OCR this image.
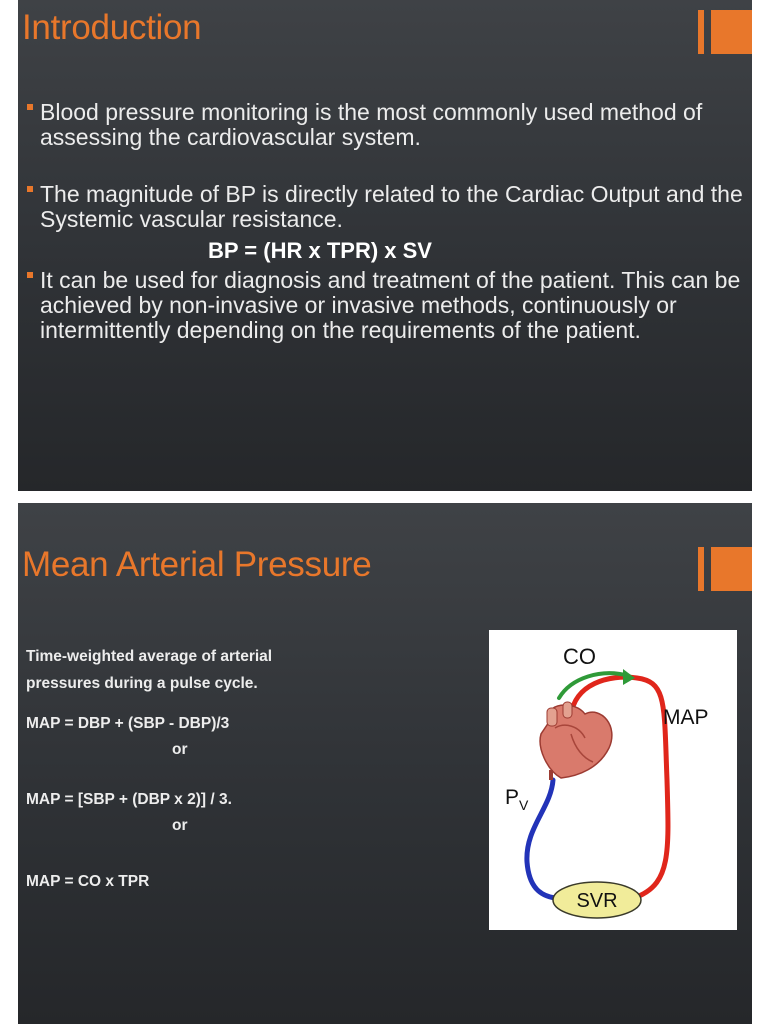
Introduction
Blood pressure monitoring is the most commonly used method of assessing the cardiovascular system.
The magnitude of BP is directly related to the Cardiac Output and the Systemic vascular resistance.
BP = (HR x TPR) x SV
It can be used for diagnosis and treatment of the patient. This can be achieved by non-invasive or invasive methods, continuously or intermittently depending on the requirements of the patient.
Mean Arterial Pressure
Time-weighted average of arterial
pressures during a pulse cycle.
MAP = DBP + (SBP - DBP)/3
or
MAP = [SBP + (DBP x 2)] / 3.
or
MAP = CO x TPR
SVR
CO
MAP
$P_V$
